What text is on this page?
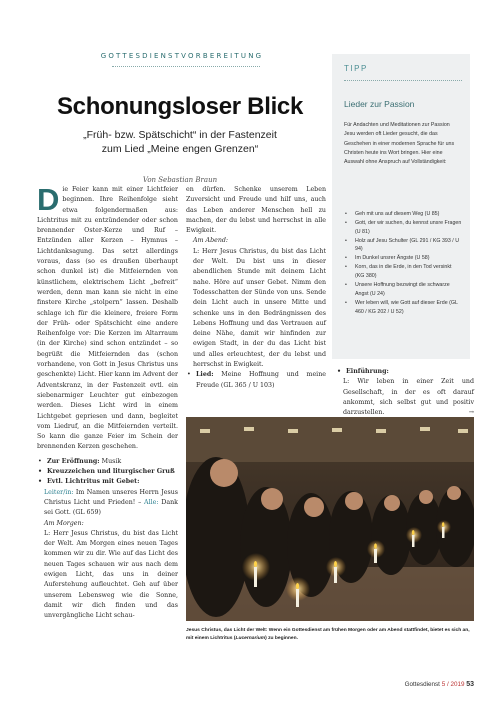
GOTTESDIENSTVORBEREITUNG
Schonungsloser Blick
„Früh- bzw. Spätschicht“ in der Fastenzeit
zum Lied „Meine engen Grenzen“
Von Sebastian Braun

Die Feier kann mit einer Lichtfeier beginnen. Ihre Reihenfolge sieht etwa folgendermaßen aus: Lichtritus mit zu entzündender oder schon brennender Oster-Kerze und Ruf – Entzünden aller Kerzen – Hymnus – Lichtdanksagung. Das setzt allerdings voraus, dass (so es draußen überhaupt schon dunkel ist) die Mitfeiernden von künstlichem, elektrischem Licht „befreit“ werden, denn man kann sie nicht in eine finstere Kirche „stolpern“ lassen. Deshalb schlage ich für die kleinere, freiere Form der Früh- oder Spätschicht eine andere Reihenfolge vor: Die Kerzen im Altarraum (in der Kirche) sind schon entzündet – so begrüßt die Mitfeiernden das (schon vorhandene, von Gott in Jesus Christus uns geschenkte) Licht. Hier kann im Advent der Adventskranz, in der Fastenzeit evtl. ein siebenarmiger Leuchter gut einbezogen werden. Dieses Licht wird in einem Lichtgebet gepriesen und dann, begleitet vom Liedruf, an die Mitfeiernden verteilt. So kann die ganze Feier im Schein der brennenden Kerzen geschehen.

• Zur Eröffnung: Musik
• Kreuzzeichen und liturgischer Gruß
• Evtl. Lichtritus mit Gebet:

Leiter/in: Im Namen unseres Herrn Jesus Christus Licht und Frieden! – Alle: Dank sei Gott. (GL 659)

Am Morgen:

L: Herr Jesus Christus, du bist das Licht der Welt. Am Morgen eines neuen Tages kommen wir zu dir. Wie auf das Licht des neuen Tages schauen wir aus nach dem ewigen Licht, das uns in deiner Auferstehung aufleuchtet. Geh auf über unserem Lebensweg wie die Sonne, damit wir dich finden und das unvergängliche Licht schau-

en dürfen. Schenke unserem Leben Zuversicht und Freude und hilf uns, auch das Leben anderer Menschen hell zu machen, der du lebst und herrschst in alle Ewigkeit.

Am Abend:

L: Herr Jesus Christus, du bist das Licht der Welt. Du bist uns in dieser abendlichen Stunde mit deinem Licht nahe. Höre auf unser Gebet. Nimm den Todesschatten der Sünde von uns. Sende dein Licht auch in unsere Mitte und schenke uns in den Bedrängnissen des Lebens Hoffnung und das Vertrauen auf deine Nähe, damit wir hinfinden zur ewigen Stadt, in der du das Licht bist und alles erleuchtest, der du lebst und herrschst in Ewigkeit.

• Lied: Meine Hoffnung und meine Freude (GL 365 / U 103)
• Einführung:

L: Wir leben in einer Zeit und Gesellschaft, in der es oft darauf ankommt, sich selbst gut und positiv darzustellen.	→

TIPP
Lieder zur Passion
Für Andachten und Meditationen zur Passion Jesu werden oft Lieder gesucht, die das Geschehen in einer modernen Sprache für uns Christen heute ins Wort bringen. Hier eine Auswahl ohne Anspruch auf Vollständigkeit:
• Geh mit uns auf diesem Weg (U 85)
• Gott, der wir suchen, du kennst unsre Fragen (U 81)
• Holz auf Jesu Schulter (GL 291 / KG 393 / U 94)
• Im Dunkel unsrer Ängste (U 58)
• Korn, das in die Erde, in den Tod versinkt (KG 380)
• Unsere Hoffnung bezwingt die schwarze Angst (U 24)
• Wer leben will, wie Gott auf dieser Erde (GL 460 / KG 202 / U 52)
Jesus Christus, das Licht der Welt: Wenn ein Gottesdienst am frühen Morgen oder am Abend stattfindet, bietet es sich an, mit einem Lichtritus (Lucernarium) zu beginnen.
Gottesdienst 5 / 2019 53
